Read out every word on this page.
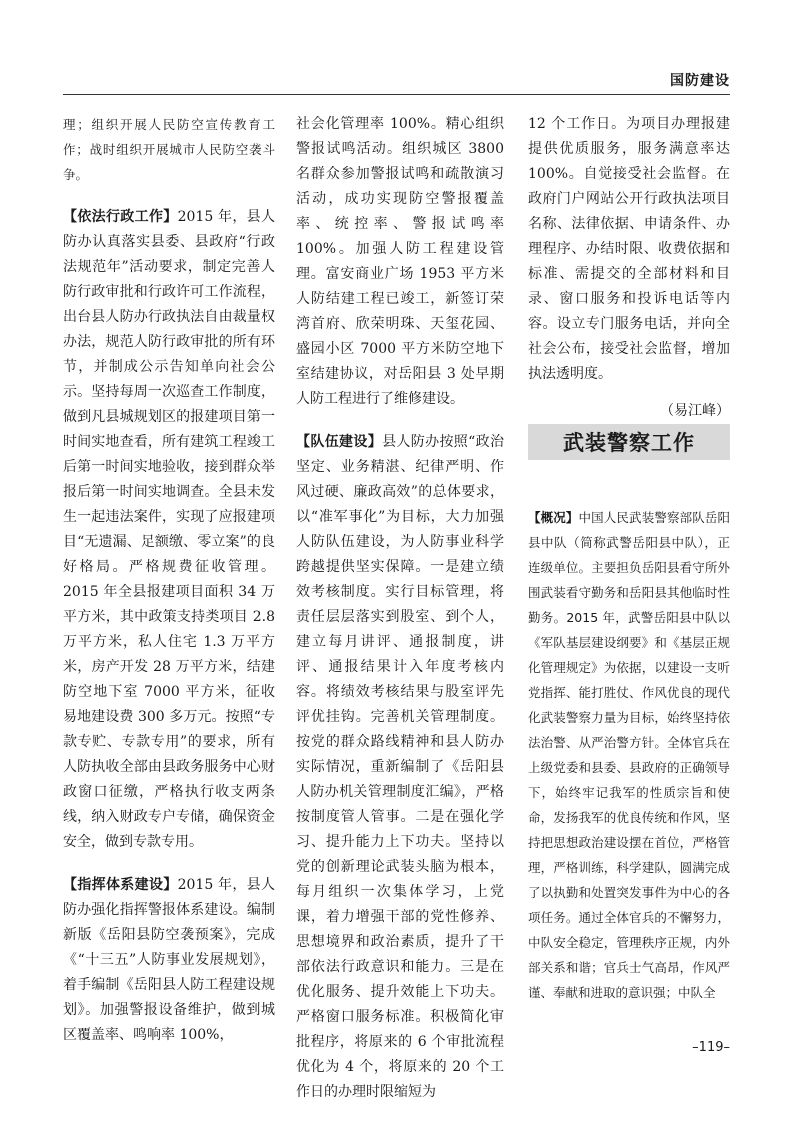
国防建设

理；组织开展人民防空宣传教育工作；战时组织开展城市人民防空袭斗争。

【依法行政工作】2015 年，县人防办认真落实县委、县政府“行政法规范年”活动要求，制定完善人防行政审批和行政许可工作流程，出台县人防办行政执法自由裁量权办法，规范人防行政审批的所有环节，并制成公示告知单向社会公示。坚持每周一次巡查工作制度，做到凡县城规划区的报建项目第一时间实地查看，所有建筑工程竣工后第一时间实地验收，接到群众举报后第一时间实地调查。全县未发生一起违法案件，实现了应报建项目“无遗漏、足额缴、零立案”的良好格局。严格规费征收管理。2015 年全县报建项目面积 34 万平方米，其中政策支持类项目 2.8 万平方米，私人住宅 1.3 万平方米，房产开发 28 万平方米，结建防空地下室 7000 平方米，征收易地建设费 300 多万元。按照“专款专贮、专款专用”的要求，所有人防执收全部由县政务服务中心财政窗口征缴，严格执行收支两条线，纳入财政专户专储，确保资金安全，做到专款专用。

【指挥体系建设】2015 年，县人防办强化指挥警报体系建设。编制新版《岳阳县防空袭预案》，完成《“十三五”人防事业发展规划》，着手编制《岳阳县人防工程建设规划》。加强警报设备维护，做到城区覆盖率、鸣响率 100%，

社会化管理率 100%。精心组织警报试鸣活动。组织城区 3800 名群众参加警报试鸣和疏散演习活动，成功实现防空警报覆盖率、统控率、警报试鸣率 100%。加强人防工程建设管理。富安商业广场 1953 平方米人防结建工程已竣工，新签订荣湾首府、欣荣明珠、天玺花园、盛园小区 7000 平方米防空地下室结建协议，对岳阳县 3 处早期人防工程进行了维修建设。

【队伍建设】县人防办按照“政治坚定、业务精湛、纪律严明、作风过硬、廉政高效”的总体要求，以“准军事化”为目标，大力加强人防队伍建设，为人防事业科学跨越提供坚实保障。一是建立绩效考核制度。实行目标管理，将责任层层落实到股室、到个人，建立每月讲评、通报制度，讲评、通报结果计入年度考核内容。将绩效考核结果与股室评先评优挂钩。完善机关管理制度。按党的群众路线精神和县人防办实际情况，重新编制了《岳阳县人防办机关管理制度汇编》，严格按制度管人管事。二是在强化学习、提升能力上下功夫。坚持以党的创新理论武装头脑为根本，每月组织一次集体学习，上党课，着力增强干部的党性修养、思想境界和政治素质，提升了干部依法行政意识和能力。三是在优化服务、提升效能上下功夫。严格窗口服务标准。积极简化审批程序，将原来的 6 个审批流程优化为 4 个，将原来的 20 个工作日的办理时限缩短为

12 个工作日。为项目办理报建提供优质服务，服务满意率达 100%。自觉接受社会监督。在政府门户网站公开行政执法项目名称、法律依据、申请条件、办理程序、办结时限、收费依据和标准、需提交的全部材料和目录、窗口服务和投诉电话等内容。设立专门服务电话，并向全社会公布，接受社会监督，增加执法透明度。

（易江峰）

武装警察工作

【概况】中国人民武装警察部队岳阳县中队（简称武警岳阳县中队），正连级单位。主要担负岳阳县看守所外围武装看守勤务和岳阳县其他临时性勤务。2015 年，武警岳阳县中队以《军队基层建设纲要》和《基层正规化管理规定》为依据，以建设一支听党指挥、能打胜仗、作风优良的现代化武装警察力量为目标，始终坚持依法治警、从严治警方针。全体官兵在上级党委和县委、县政府的正确领导下，始终牢记我军的性质宗旨和使命，发扬我军的优良传统和作风，坚持把思想政治建设摆在首位，严格管理，严格训练，科学建队，圆满完成了以执勤和处置突发事件为中心的各项任务。通过全体官兵的不懈努力，中队安全稳定，管理秩序正规，内外部关系和谐；官兵士气高昂，作风严谨、奉献和进取的意识强；中队全

–119–
